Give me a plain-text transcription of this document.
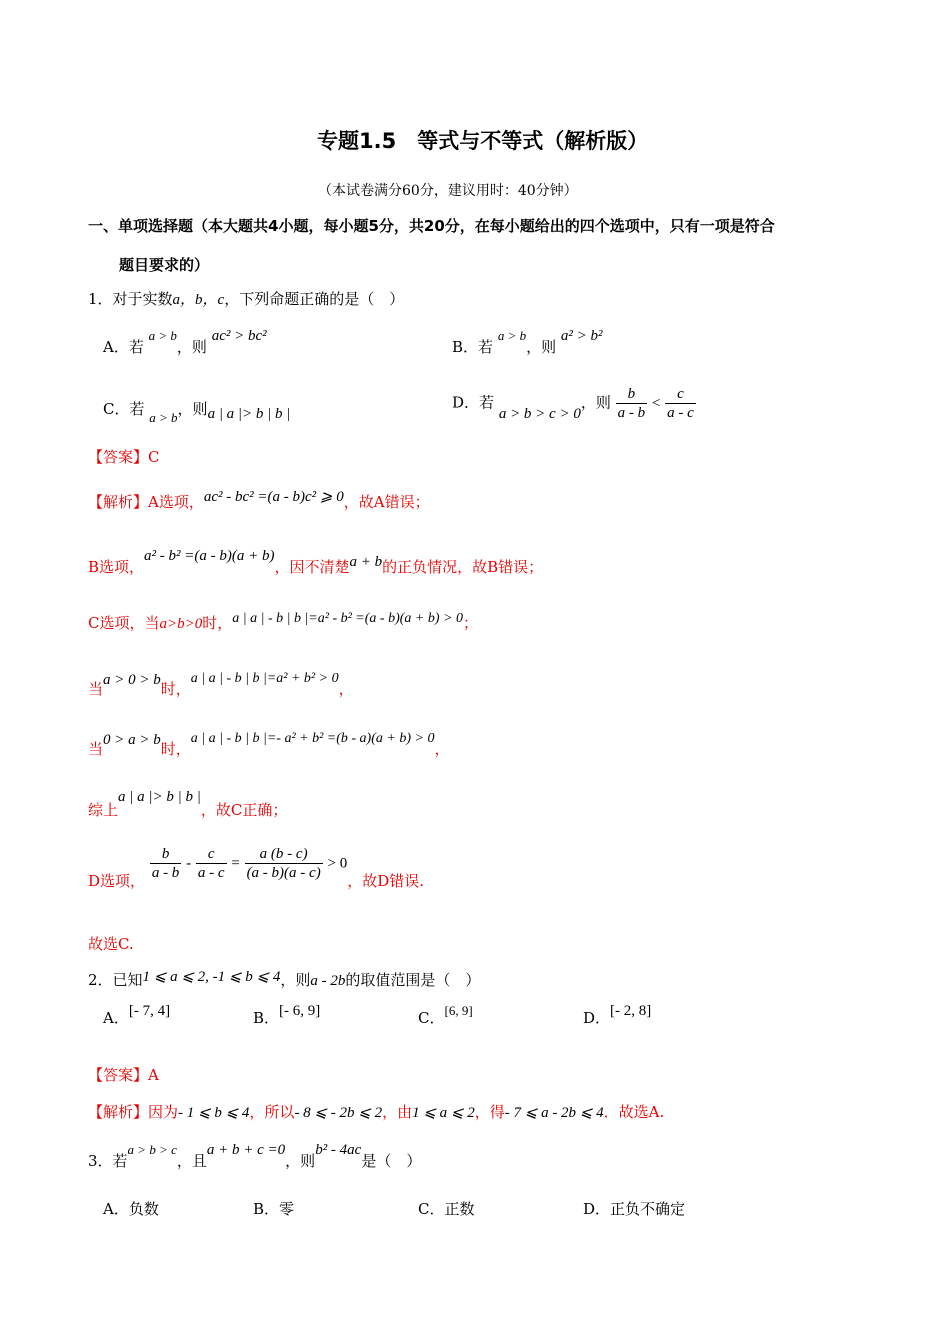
专题1.5　等式与不等式（解析版）
（本试卷满分60分，建议用时：40分钟）
一、单项选择题（本大题共4小题，每小题5分，共20分，在每小题给出的四个选项中，只有一项是符合
题目要求的）
1．对于实数a，b，c，下列命题正确的是（　）
A．若 a > b，则 ac² > bc²
B．若 a > b，则 a² > b²
C．若 a > b，则a | a |> b | b |
D．若 a > b > c > 0，则 $\frac{b}{a - b} < \frac{c}{a - c}$
【答案】C
【解析】A选项，ac² - bc² =(a - b)c² ⩾ 0，故A错误；
B选项，a² - b² =(a - b)(a + b)，因不清楚a + b的正负情况，故B错误；
C选项，当a>b>0时，a | a | - b | b |=a² - b² =(a - b)(a + b) > 0；
当a > 0 > b时，a | a | - b | b |=a² + b² > 0，
当0 > a > b时，a | a | - b | b |=- a² + b² =(b - a)(a + b) > 0，
综上a | a |> b | b |，故C正确；
D选项， $\frac{b}{a - b} - \frac{c}{a - c} = \frac{a (b - c)}{(a - b)(a - c)} > 0$，故D错误.
故选C.
2．已知1 ⩽ a ⩽ 2, -1 ⩽ b ⩽ 4，则a - 2b的取值范围是（　）
A．[- 7, 4]	B．[- 6, 9]	C．[6, 9]	D．[- 2, 8]
【答案】A
【解析】因为- 1 ⩽ b ⩽ 4，所以- 8 ⩽ - 2b ⩽ 2，由1 ⩽ a ⩽ 2，得- 7 ⩽ a - 2b ⩽ 4．故选A.
3．若a > b > c，且a + b + c =0，则b² - 4ac是（　）
A．负数	B．零	C．正数	D．正负不确定
